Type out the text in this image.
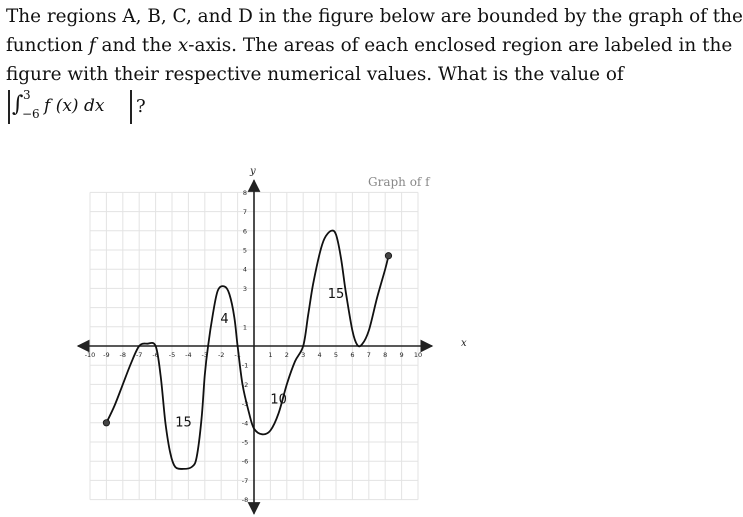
The regions A, B, C, and D in the figure below are bounded by the graph of the
function f and the x-axis. The areas of each enclosed region are labeled in the
figure with their respective numerical values. What is the value of
∫ 3
−6 f (x) dx ?
-10 -9 -8 -7 -6 -5 -4 -3 -2 -1	1 2 3 4 5 6 7 8 9 10
8
7
6
5
4
3
1
-1
-2
-3
-4
-5
-6
-7
-8
15
4
10
15
Graph of f
x
y
